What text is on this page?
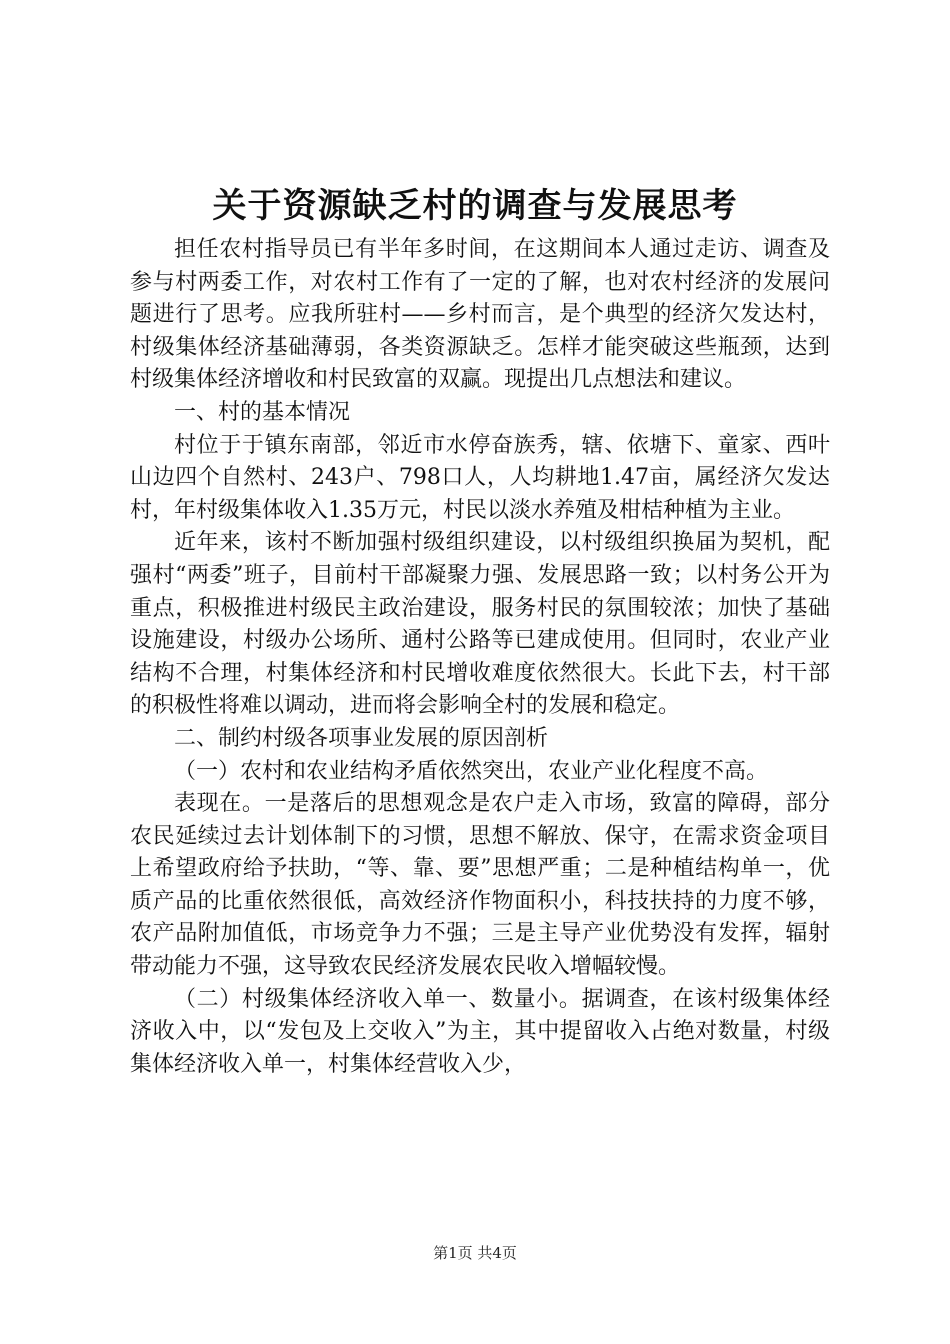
关于资源缺乏村的调查与发展思考

担任农村指导员已有半年多时间，在这期间本人通过走访、调查及参与村两委工作，对农村工作有了一定的了解，也对农村经济的发展问题进行了思考。应我所驻村——乡村而言，是个典型的经济欠发达村，村级集体经济基础薄弱，各类资源缺乏。怎样才能突破这些瓶颈，达到村级集体经济增收和村民致富的双赢。现提出几点想法和建议。

一、村的基本情况

村位于于镇东南部，邻近市水停奋族秀，辖、依塘下、童家、西叶山边四个自然村、243户、798口人，人均耕地1.47亩，属经济欠发达村，年村级集体收入1.35万元，村民以淡水养殖及柑桔种植为主业。

近年来，该村不断加强村级组织建设，以村级组织换届为契机，配强村“两委”班子，目前村干部凝聚力强、发展思路一致；以村务公开为重点，积极推进村级民主政治建设，服务村民的氛围较浓；加快了基础设施建设，村级办公场所、通村公路等已建成使用。但同时，农业产业结构不合理，村集体经济和村民增收难度依然很大。长此下去，村干部的积极性将难以调动，进而将会影响全村的发展和稳定。

二、制约村级各项事业发展的原因剖析

（一）农村和农业结构矛盾依然突出，农业产业化程度不高。

表现在。一是落后的思想观念是农户走入市场，致富的障碍，部分农民延续过去计划体制下的习惯，思想不解放、保守，在需求资金项目上希望政府给予扶助，“等、靠、要”思想严重；二是种植结构单一，优质产品的比重依然很低，高效经济作物面积小，科技扶持的力度不够，农产品附加值低，市场竞争力不强；三是主导产业优势没有发挥，辐射带动能力不强，这导致农民经济发展农民收入增幅较慢。

（二）村级集体经济收入单一、数量小。据调查，在该村级集体经济收入中，以“发包及上交收入”为主，其中提留收入占绝对数量，村级集体经济收入单一，村集体经营收入少，

第1页 共4页
